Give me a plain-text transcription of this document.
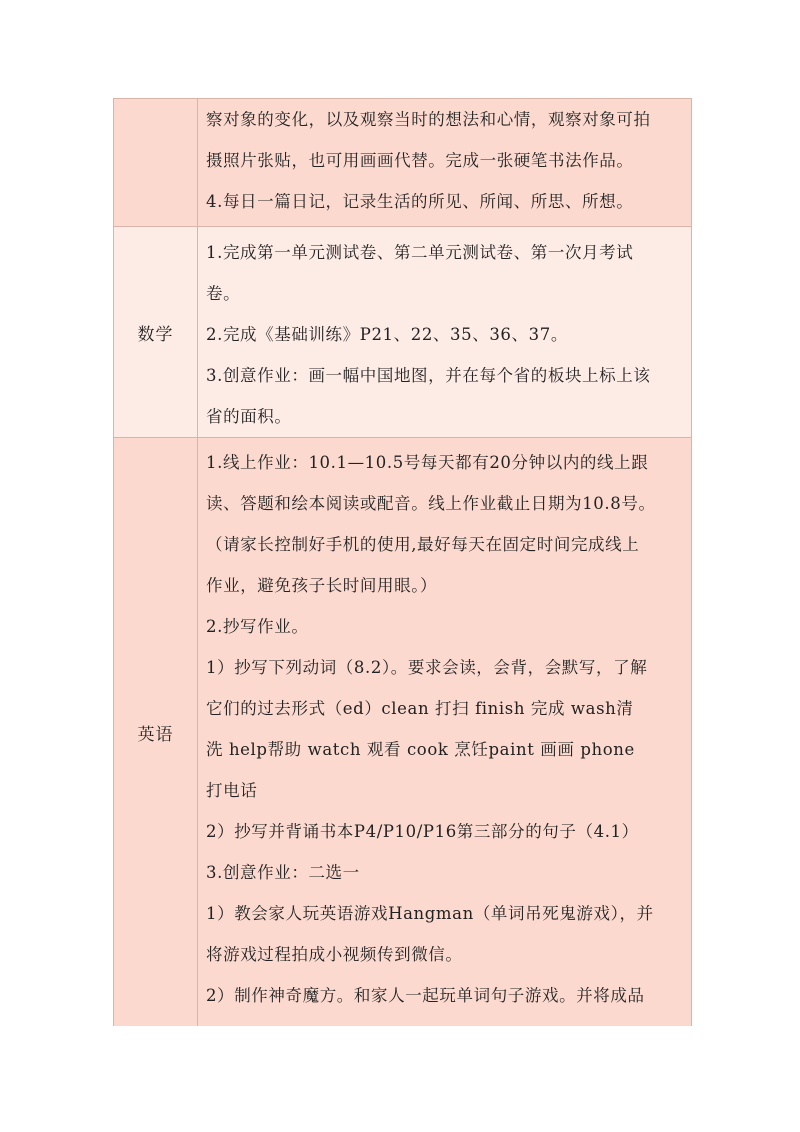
察对象的变化，以及观察当时的想法和心情，观察对象可拍
摄照片张贴，也可用画画代替。完成一张硬笔书法作品。
4.每日一篇日记，记录生活的所见、所闻、所思、所想。
数学
1.完成第一单元测试卷、第二单元测试卷、第一次月考试
卷。
2.完成《基础训练》P21、22、35、36、37。
3.创意作业：画一幅中国地图，并在每个省的板块上标上该
省的面积。
英语
1.线上作业：10.1—10.5号每天都有20分钟以内的线上跟
读、答题和绘本阅读或配音。线上作业截止日期为10.8号。
（请家长控制好手机的使用,最好每天在固定时间完成线上
作业，避免孩子长时间用眼。）
2.抄写作业。
1）抄写下列动词（8.2）。要求会读，会背，会默写，了解
它们的过去形式（ed）clean 打扫 finish 完成 wash清
洗 help帮助 watch 观看 cook 烹饪paint 画画 phone
打电话
2）抄写并背诵书本P4/P10/P16第三部分的句子（4.1）
3.创意作业：二选一
1）教会家人玩英语游戏Hangman（单词吊死鬼游戏），并
将游戏过程拍成小视频传到微信。
2）制作神奇魔方。和家人一起玩单词句子游戏。并将成品
